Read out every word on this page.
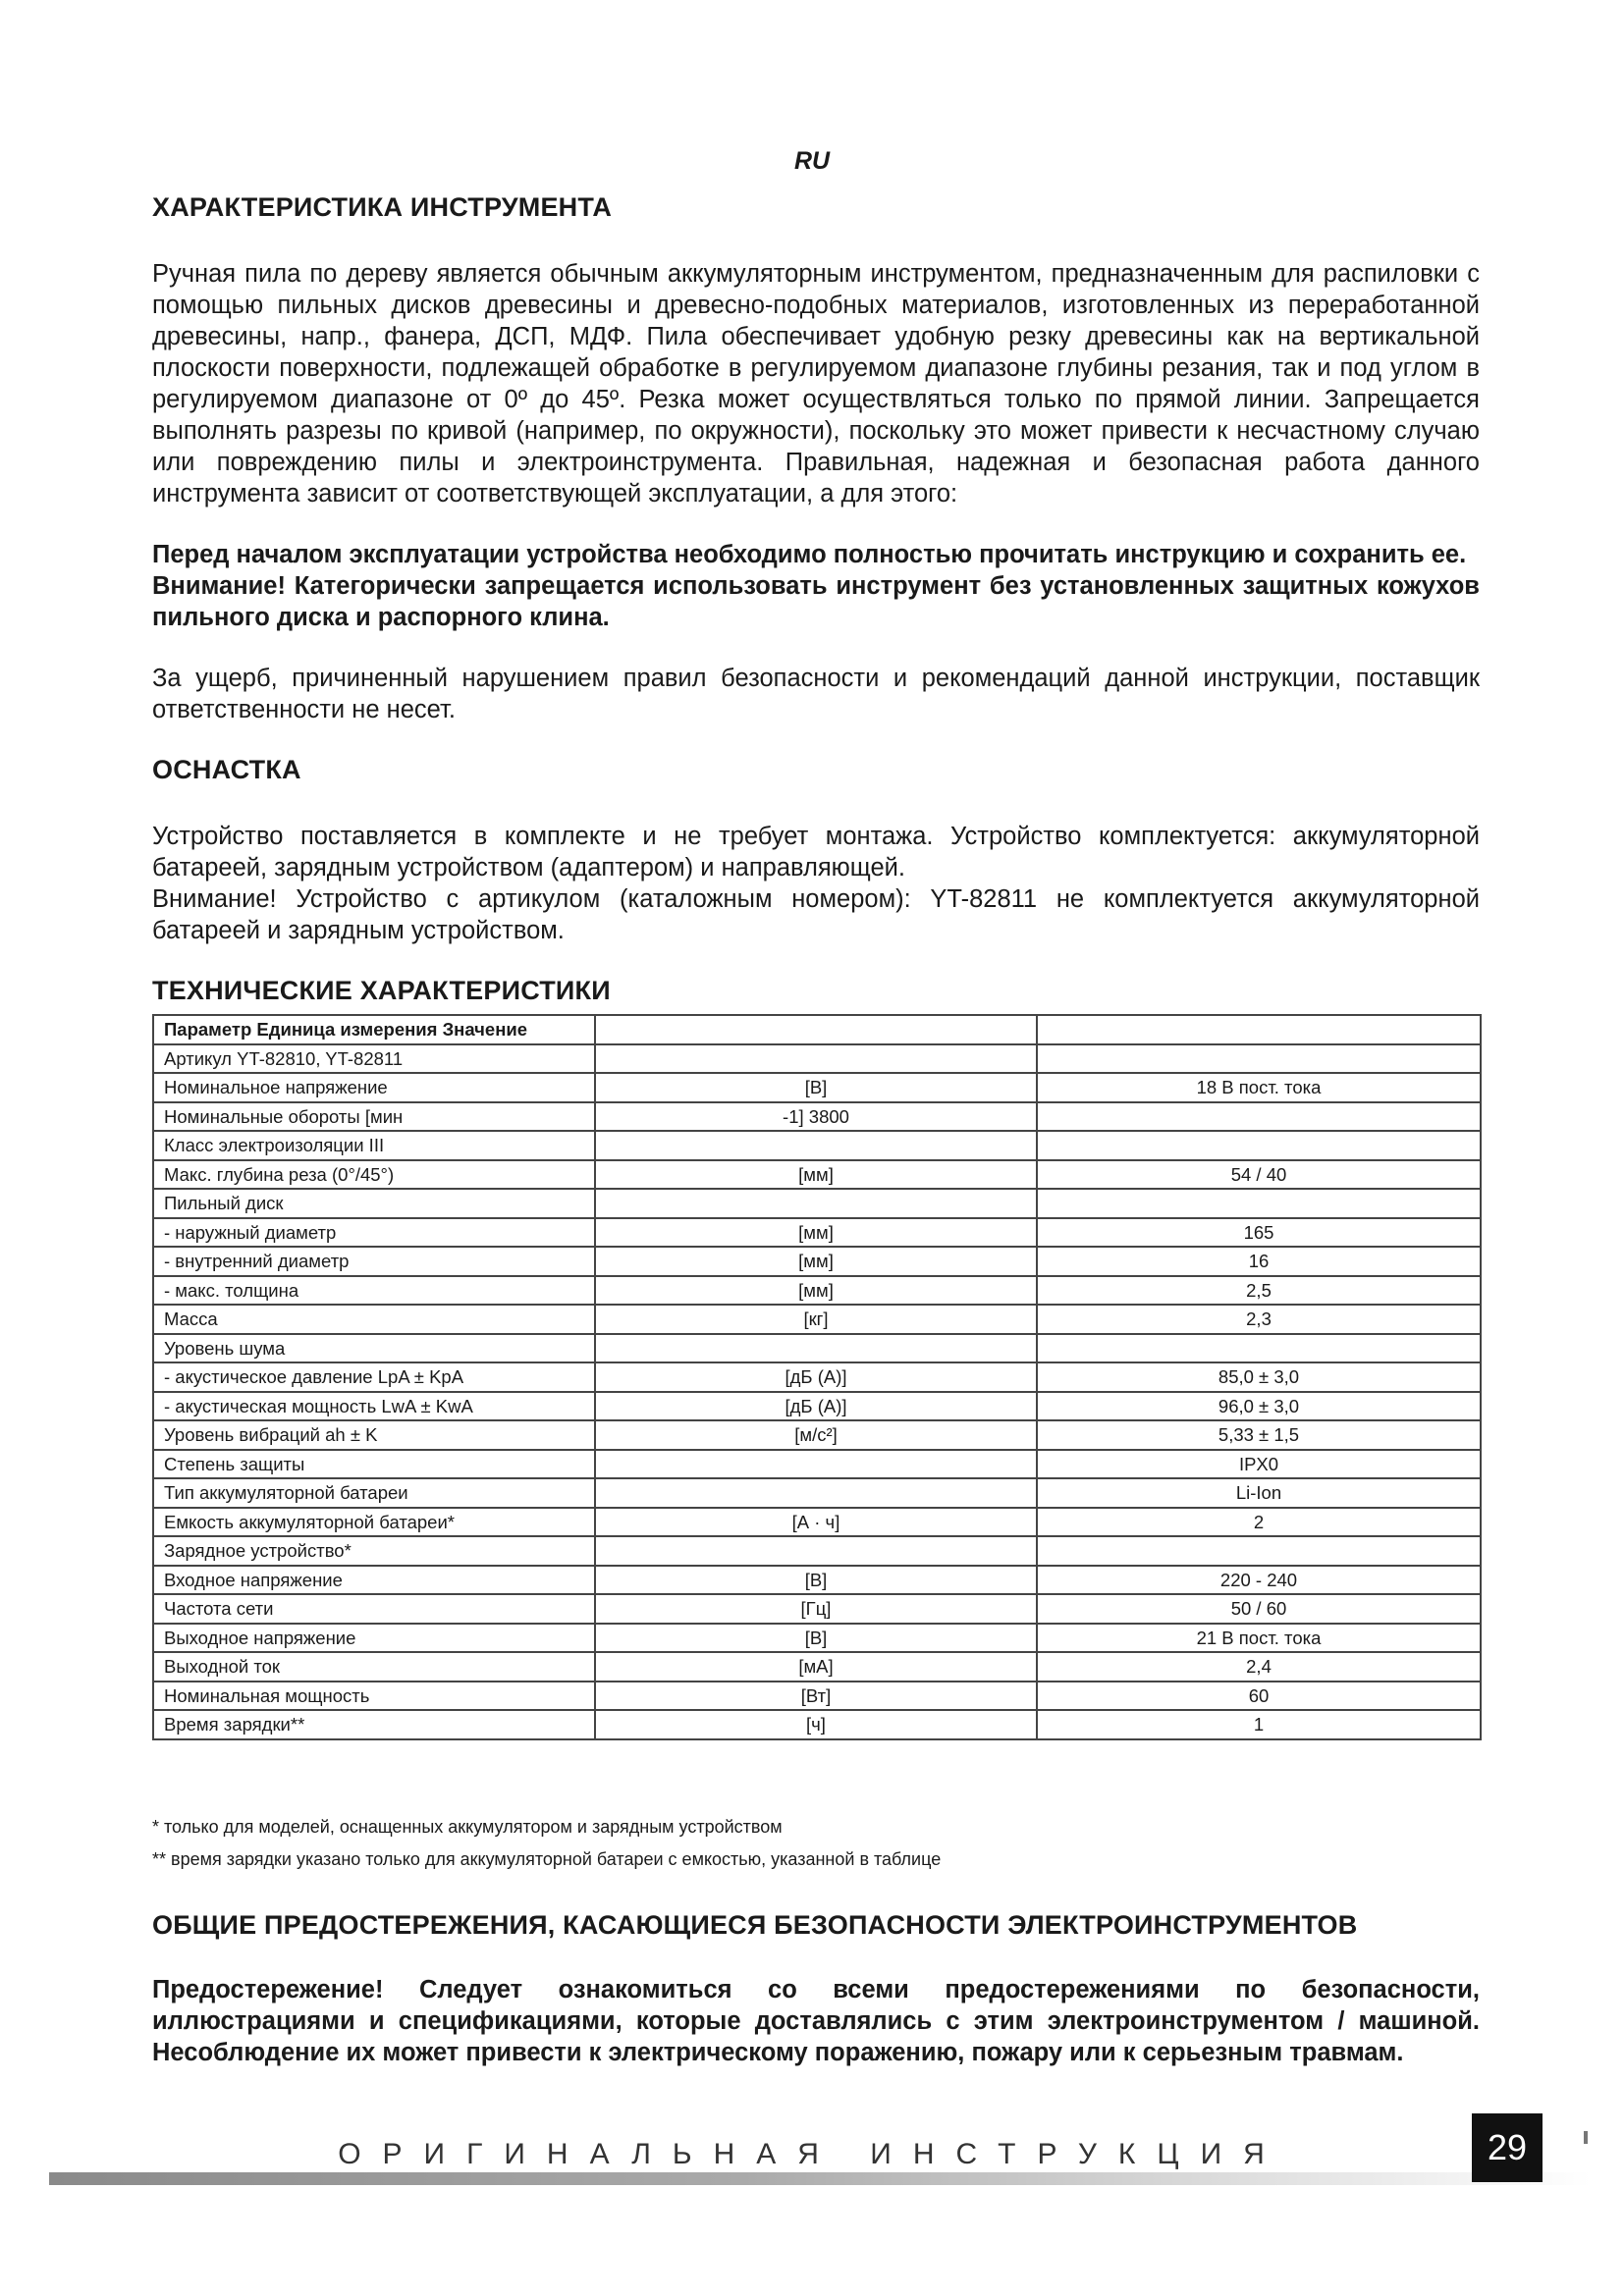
RU
ХАРАКТЕРИСТИКА ИНСТРУМЕНТА

Ручная пила по дереву является обычным аккумуляторным инструментом, предназначенным для распиловки с помощью пильных дисков древесины и древесно-подобных материалов, изготовленных из переработанной древесины, напр., фанера, ДСП, МДФ. Пила обеспечивает удобную резку древесины как на вертикальной плоскости поверхности, подлежащей обработке в регулируемом диапазоне глубины резания, так и под углом в регулируемом диапазоне от 0º до 45º. Резка может осуществляться только по прямой линии. Запрещается выполнять разрезы по кривой (например, по окружности), поскольку это может привести к несчастному случаю или повреждению пилы и электроинструмента. Правильная, надежная и безопасная работа данного инструмента зависит от соответствующей эксплуатации, а для этого:

Перед началом эксплуатации устройства необходимо полностью прочитать инструкцию и сохранить ее.

Внимание! Категорически запрещается использовать инструмент без установленных защитных кожухов пильного диска и распорного клина.

За ущерб, причиненный нарушением правил безопасности и рекомендаций данной инструкции, поставщик ответственности не несет.

ОСНАСТКА

Устройство поставляется в комплекте и не требует монтажа. Устройство комплектуется: аккумуляторной батареей, зарядным устройством (адаптером) и направляющей.

Внимание! Устройство с артикулом (каталожным номером): YT-82811 не комплектуется аккумуляторной батареей и зарядным устройством.

ТЕХНИЧЕСКИЕ ХАРАКТЕРИСТИКИ
Параметр Единица измерения Значение		
Артикул YT-82810, YT-82811		
Номинальное напряжение	[В]	18 В пост. тока
Номинальные обороты [мин	-1] 3800	
Класс электроизоляции III		
Макс. глубина реза (0°/45°)	[мм]	54 / 40
Пильный диск		
- наружный диаметр	[мм]	165
- внутренний диаметр	[мм]	16
- макс. толщина	[мм]	2,5
Масса	[кг]	2,3
Уровень шума		
- акустическое давление LpA ± KpA	[дБ (А)]	85,0 ± 3,0
- акустическая мощность LwA ± KwA	[дБ (А)]	96,0 ± 3,0
Уровень вибраций ah ± K	[м/с²]	5,33 ± 1,5
Степень защиты		IPX0
Тип аккумуляторной батареи		Li-Ion
Емкость аккумуляторной батареи*	[А · ч]	2
Зарядное устройство*		
Входное напряжение	[В]	220 - 240
Частота сети	[Гц]	50 / 60
Выходное напряжение	[В]	21 В пост. тока
Выходной ток	[мА]	2,4
Номинальная мощность	[Вт]	60
Время зарядки**	[ч]	1
* только для моделей, оснащенных аккумулятором и зарядным устройством
** время зарядки указано только для аккумуляторной батареи с емкостью, указанной в таблице
ОБЩИЕ ПРЕДОСТЕРЕЖЕНИЯ, КАСАЮЩИЕСЯ БЕЗОПАСНОСТИ ЭЛЕКТРОИНСТРУМЕНТОВ

Предостережение! Следует ознакомиться со всеми предостережениями по безопасности, иллюстрациями и спецификациями, которые доставлялись с этим электроинструментом / машиной. Несоблюдение их может привести к электрическому поражению, пожару или к серьезным травмам.

ОРИГИНАЛЬНАЯ ИНСТРУКЦИЯ	29
